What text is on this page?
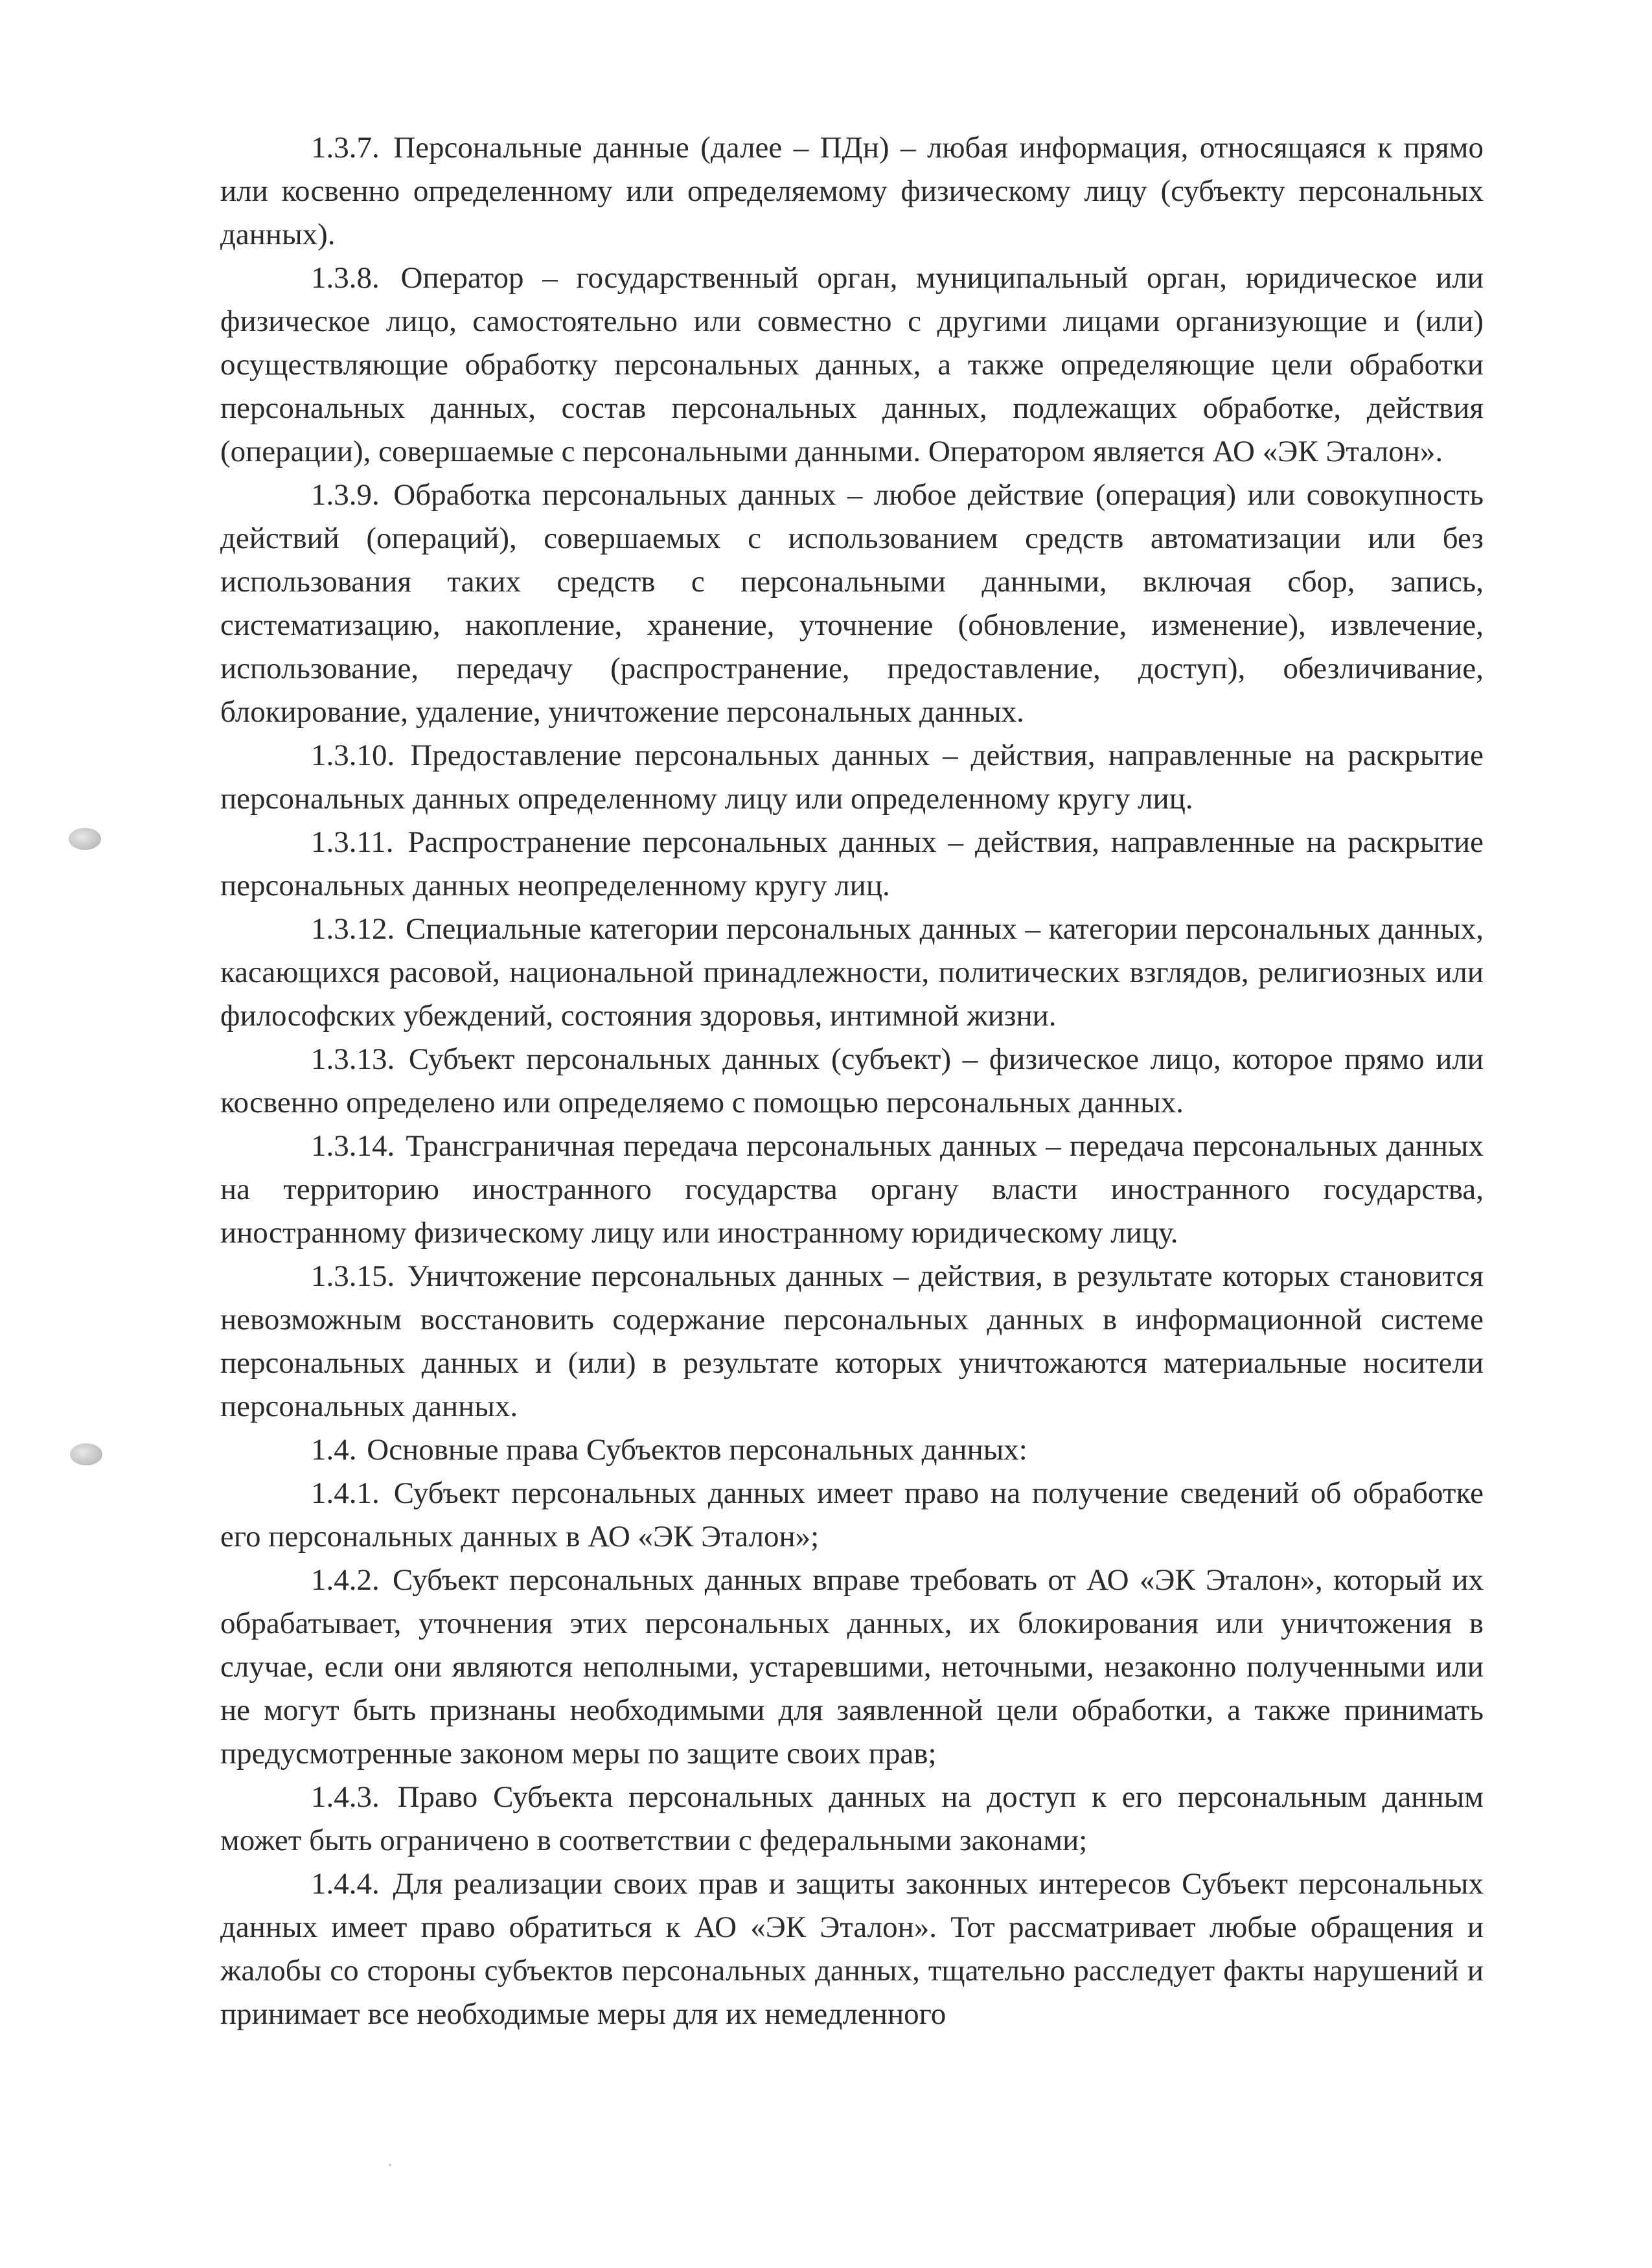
1.3.7. Персональные данные (далее – ПДн) – любая информация, относящаяся к прямо или косвенно определенному или определяемому физическому лицу (субъекту персональных данных).

1.3.8. Оператор – государственный орган, муниципальный орган, юридическое или физическое лицо, самостоятельно или совместно с другими лицами организующие и (или) осуществляющие обработку персональных данных, а также определяющие цели обработки персональных данных, состав персональных данных, подлежащих обработке, действия (операции), совершаемые с персональными данными. Оператором является АО «ЭК Эталон».

1.3.9. Обработка персональных данных – любое действие (операция) или совокупность действий (операций), совершаемых с использованием средств автоматизации или без использования таких средств с персональными данными, включая сбор, запись, систематизацию, накопление, хранение, уточнение (обновление, изменение), извлечение, использование, передачу (распространение, предоставление, доступ), обезличивание, блокирование, удаление, уничтожение персональных данных.

1.3.10. Предоставление персональных данных – действия, направленные на раскрытие персональных данных определенному лицу или определенному кругу лиц.

1.3.11. Распространение персональных данных – действия, направленные на раскрытие персональных данных неопределенному кругу лиц.

1.3.12. Специальные категории персональных данных – категории персональных данных, касающихся расовой, национальной принадлежности, политических взглядов, религиозных или философских убеждений, состояния здоровья, интимной жизни.

1.3.13. Субъект персональных данных (субъект) – физическое лицо, которое прямо или косвенно определено или определяемо с помощью персональных данных.

1.3.14. Трансграничная передача персональных данных – передача персональных данных на территорию иностранного государства органу власти иностранного государства, иностранному физическому лицу или иностранному юридическому лицу.

1.3.15. Уничтожение персональных данных – действия, в результате которых становится невозможным восстановить содержание персональных данных в информационной системе персональных данных и (или) в результате которых уничтожаются материальные носители персональных данных.

1.4. Основные права Субъектов персональных данных:

1.4.1. Субъект персональных данных имеет право на получение сведений об обработке его персональных данных в АО «ЭК Эталон»;

1.4.2. Субъект персональных данных вправе требовать от АО «ЭК Эталон», который их обрабатывает, уточнения этих персональных данных, их блокирования или уничтожения в случае, если они являются неполными, устаревшими, неточными, незаконно полученными или не могут быть признаны необходимыми для заявленной цели обработки, а также принимать предусмотренные законом меры по защите своих прав;

1.4.3. Право Субъекта персональных данных на доступ к его персональным данным может быть ограничено в соответствии с федеральными законами;

1.4.4. Для реализации своих прав и защиты законных интересов Субъект персональных данных имеет право обратиться к АО «ЭК Эталон». Тот рассматривает любые обращения и жалобы со стороны субъектов персональных данных, тщательно расследует факты нарушений и принимает все необходимые меры для их немедленного
